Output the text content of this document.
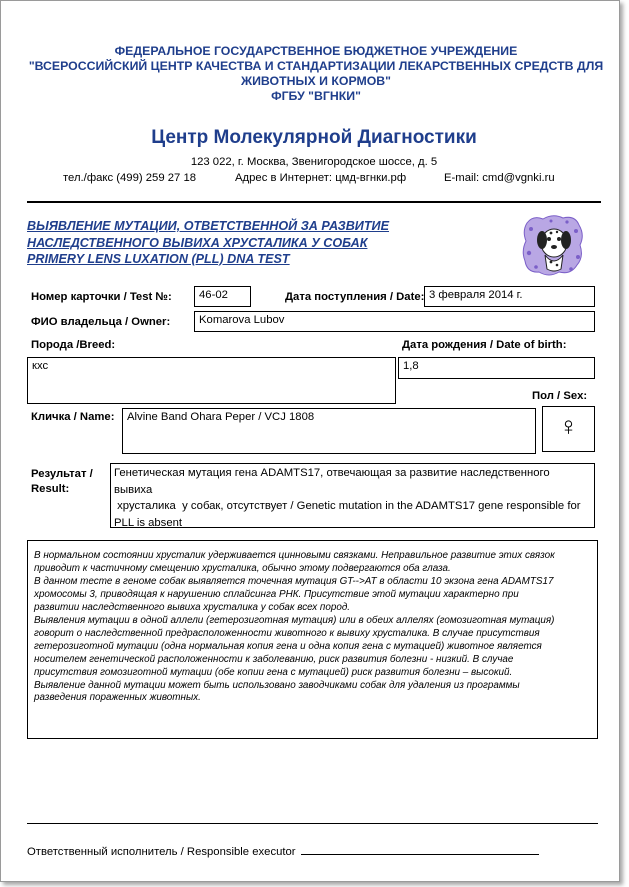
ФЕДЕРАЛЬНОЕ ГОСУДАРСТВЕННОЕ БЮДЖЕТНОЕ УЧРЕЖДЕНИЕ
"ВСЕРОССИЙСКИЙ ЦЕНТР КАЧЕСТВА И СТАНДАРТИЗАЦИИ ЛЕКАРСТВЕННЫХ СРЕДСТВ ДЛЯ
ЖИВОТНЫХ И КОРМОВ"
ФГБУ "ВГНКИ"
Центр Молекулярной Диагностики
123 022, г. Москва, Звенигородское шоссе, д. 5
тел./факс (499) 259 27 18	Адрес в Интернет: цмд-вгнки.рф	E-mail: cmd@vgnki.ru
ВЫЯВЛЕНИЕ МУТАЦИИ, ОТВЕТСТВЕННОЙ ЗА РАЗВИТИЕ
НАСЛЕДСТВЕННОГО ВЫВИХА ХРУСТАЛИКА У СОБАК
PRIMERY LENS LUXATION (PLL) DNA TEST
Номер карточки / Test №:	46-02	Дата поступления / Date: 3 февраля 2014 г.
ФИО владельца / Owner:	Komarova Lubov
Порода /Breed:	Дата рождения / Date of birth:
кхс	1,8
Пол / Sex:
♀
Кличка / Name:	Alvine Band Ohara Peper / VCJ 1808
Результат /
Result:
Генетическая мутация гена ADAMTS17, отвечающая за развитие наследственного вывиха
хрусталика  у собак, отсутствует / Genetic mutation in the ADAMTS17 gene responsible for
PLL is absent

В нормальном состоянии хрусталик удерживается цинновыми связками. Неправильное развитие этих связок

приводит к частичному смещению хрусталика, обычно этому подвергаются оба глаза.

В данном тесте в геноме собак выявляется точечная мутация GT-->AT в области 10 экзона гена ADAMTS17

хромосомы 3, приводящая к нарушению сплайсинга РНК. Присутствие этой мутации характерно при

развитии наследственного вывиха хрусталика у собак всех пород.

Выявления мутации в одной аллели (гетерозиготная мутация) или в обеих аллелях (гомозиготная мутация)

говорит о наследственной предрасположенности животного к вывиху хрусталика. В случае присутствия

гетерозиготной мутации (одна нормальная копия гена и одна копия гена с мутацией) животное является

носителем генетической расположенности к заболеванию, риск развития болезни - низкий. В случае

присутствия гомозиготной мутации (обе копии гена с мутацией) риск развития болезни – высокий.

Выявление данной мутации может быть использовано заводчиками собак для удаления из программы

разведения пораженных животных.

Ответственный исполнитель / Responsible executor
